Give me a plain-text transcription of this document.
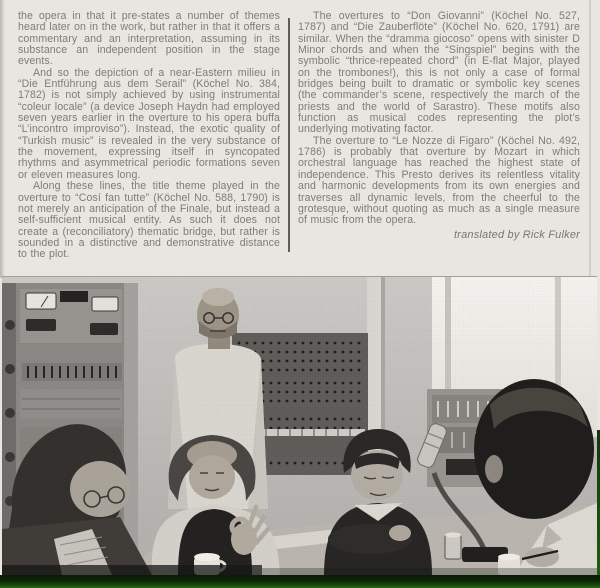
the opera in that it pre-states a number of themes heard later on in the work, but rather in that it offers a commentary and an interpretation, assuming in its substance an independent position in the stage events.

And so the depiction of a near-Eastern milieu in “Die Entführung aus dem Serail” (Köchel No. 384, 1782) is not simply achieved by using instrumental “coleur locale” (a device Joseph Haydn had employed seven years earlier in the overture to his opera buffa “L’incontro improviso”). Instead, the exotic quality of “Turkish music” is revealed in the very substance of the movement, expressing itself in syncopated rhythms and asymmetrical periodic formations seven or eleven measures long.

Along these lines, the title theme played in the overture to “Cosí fan tutte” (Köchel No. 588, 1790) is not merely an anticipation of the Finale, but instead a self-sufficient musical entity. As such it does not create a (reconciliatory) thematic bridge, but rather is sounded in a distinctive and demonstrative distance to the plot.

The overtures to “Don Giovanni” (Köchel No. 527, 1787) and “Die Zauberflöte” (Köchel No. 620, 1791) are similar. When the “dramma giocoso” opens with sinister D Minor chords and when the “Singspiel” begins with the symbolic “thrice-repeated chord” (in E-flat Major, played on the trombones!), this is not only a case of formal bridges being built to dramatic or symbolic key scenes (the commander’s scene, respectively the march of the priests and the world of Sarastro). These motifs also function as musical codes representing the plot’s underlying motivating factor.

The overture to “Le Nozze di Figaro” (Köchel No. 492, 1786) is probably that overture by Mozart in which orchestral language has reached the highest state of independence. This Presto derives its relentless vitality and harmonic developments from its own energies and traverses all dynamic levels, from the cheerful to the grotesque, without quoting as much as a single measure of music from the opera.

translated by Rick Fulker
